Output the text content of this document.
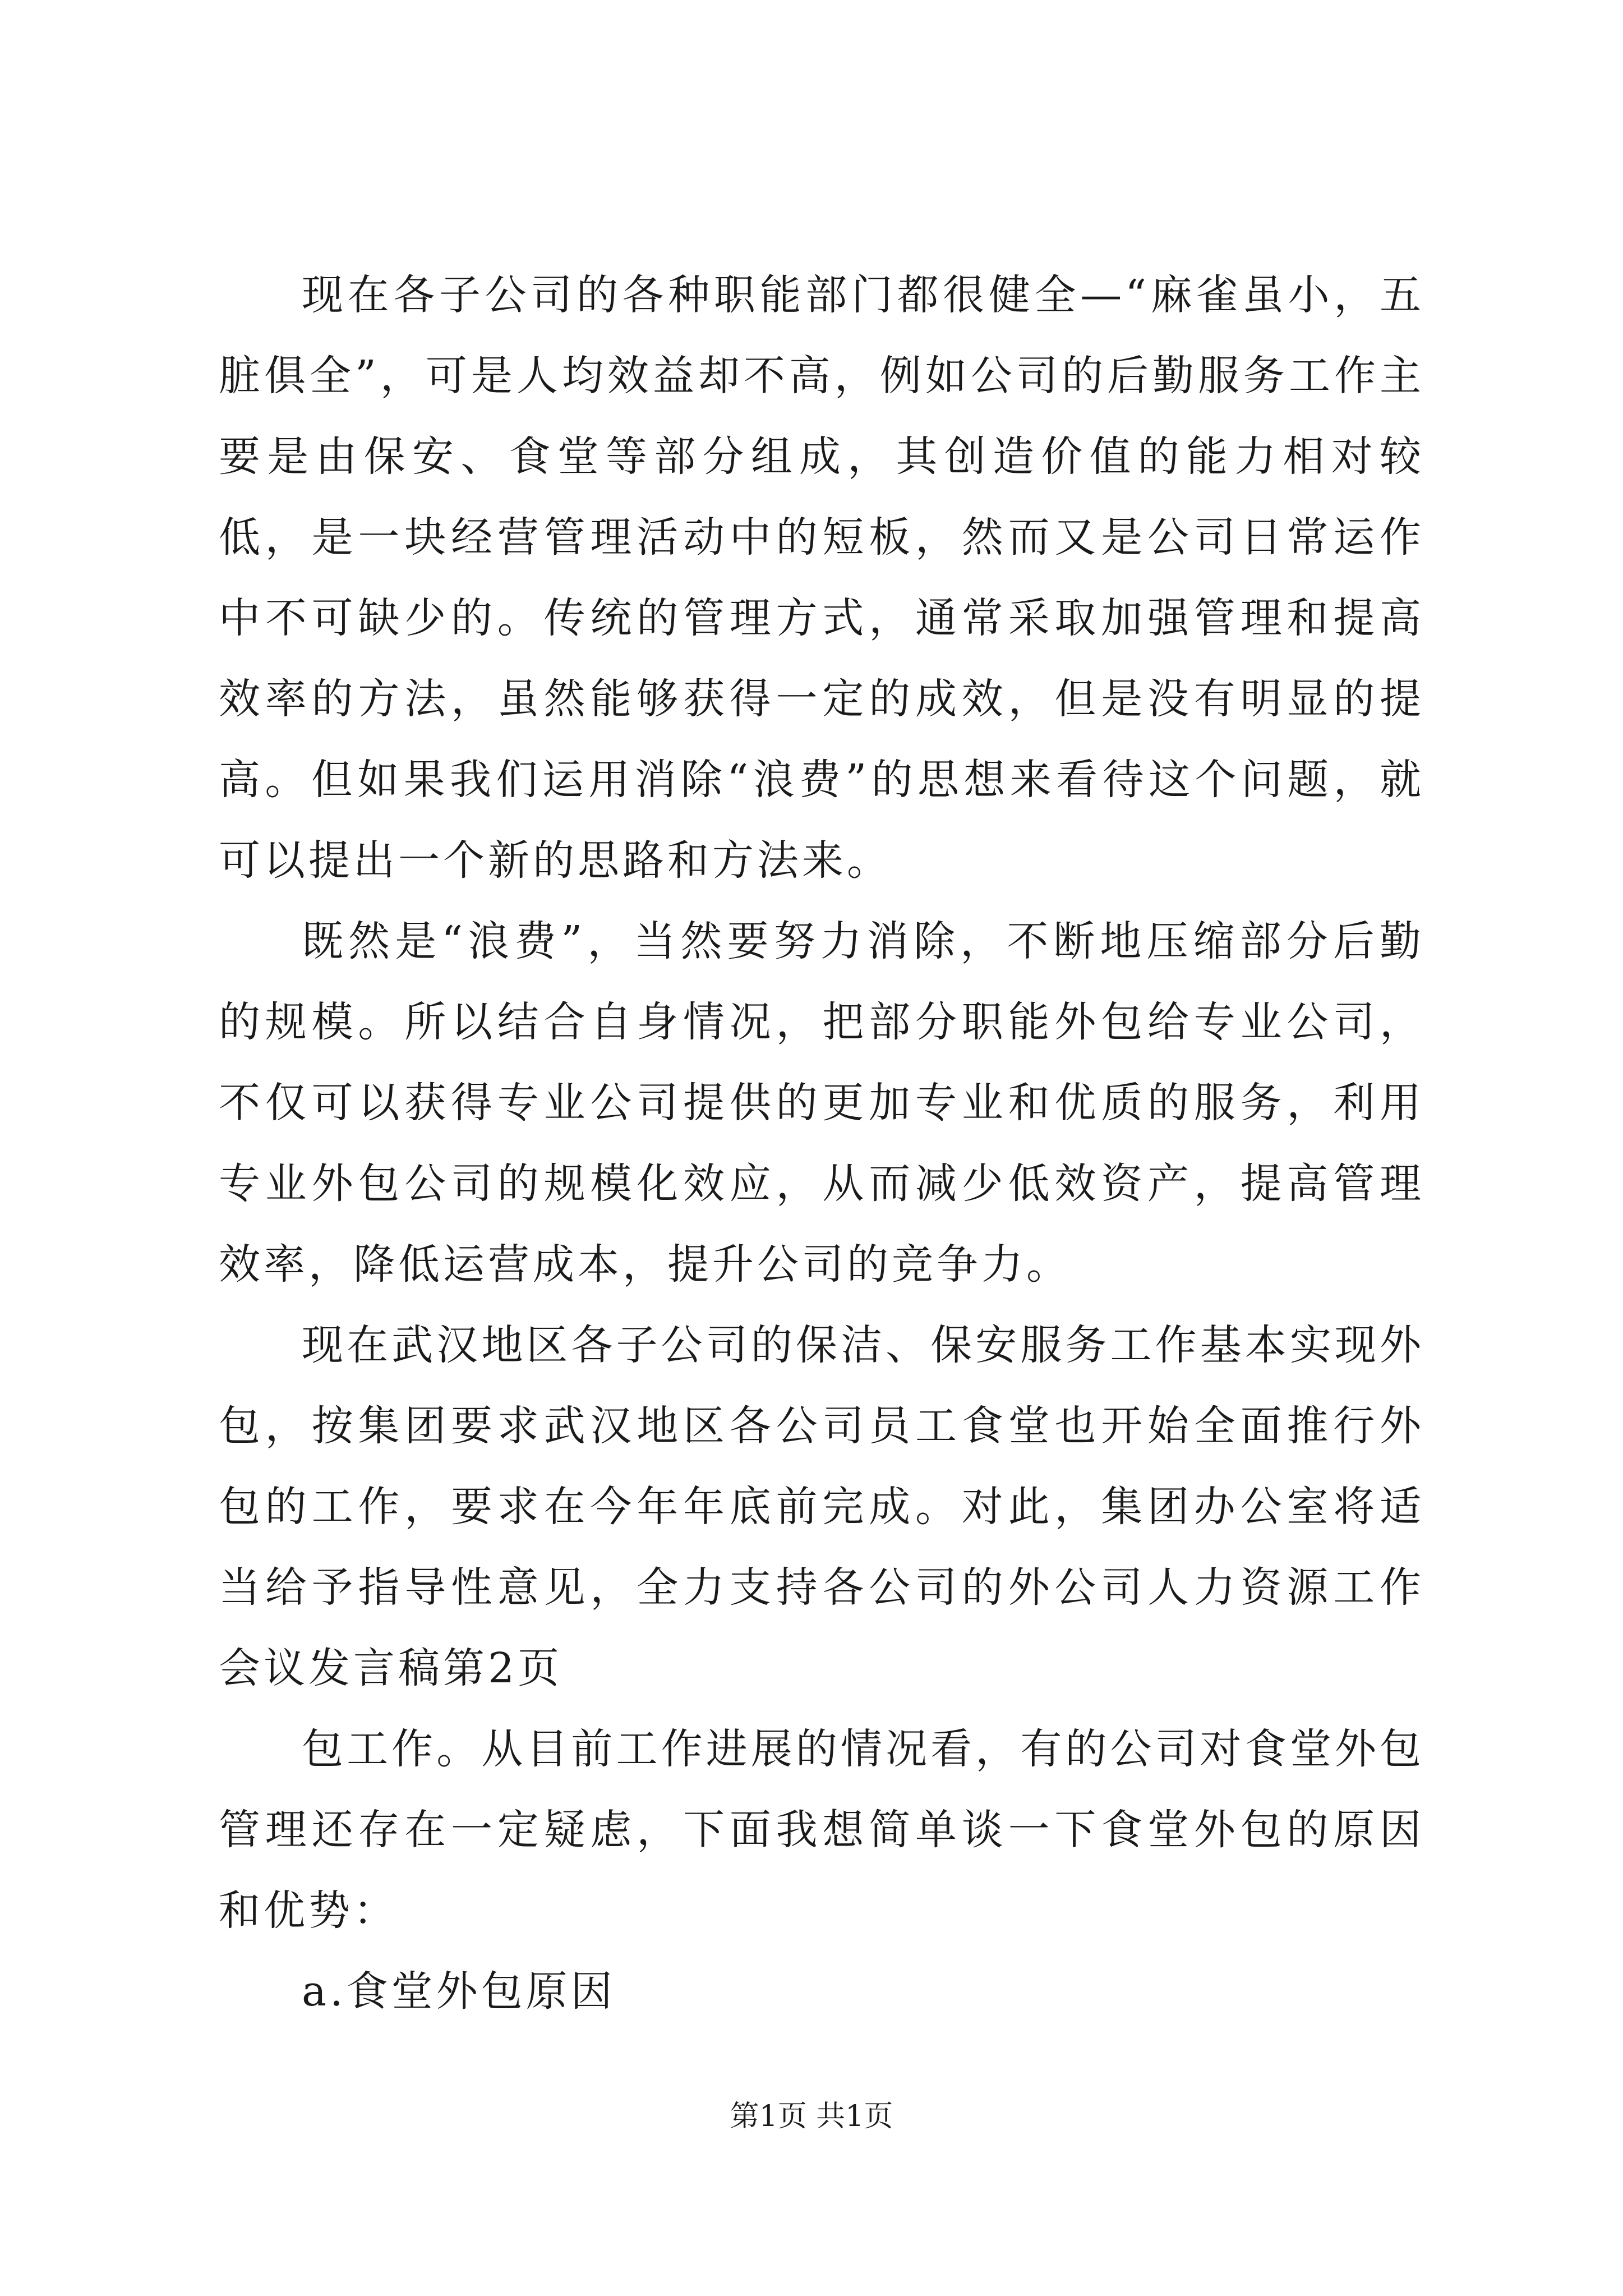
现在各子公司的各种职能部门都很健全—“麻雀虽小，五脏俱全”，可是人均效益却不高，例如公司的后勤服务工作主要是由保安、食堂等部分组成，其创造价值的能力相对较低，是一块经营管理活动中的短板，然而又是公司日常运作中不可缺少的。传统的管理方式，通常采取加强管理和提高效率的方法，虽然能够获得一定的成效，但是没有明显的提高。但如果我们运用消除“浪费”的思想来看待这个问题，就可以提出一个新的思路和方法来。

既然是“浪费”，当然要努力消除，不断地压缩部分后勤的规模。所以结合自身情况，把部分职能外包给专业公司，不仅可以获得专业公司提供的更加专业和优质的服务，利用专业外包公司的规模化效应，从而减少低效资产，提高管理效率，降低运营成本，提升公司的竞争力。

现在武汉地区各子公司的保洁、保安服务工作基本实现外包，按集团要求武汉地区各公司员工食堂也开始全面推行外包的工作，要求在今年年底前完成。对此，集团办公室将适当给予指导性意见，全力支持各公司的外公司人力资源工作会议发言稿第2页

包工作。从目前工作进展的情况看，有的公司对食堂外包管理还存在一定疑虑，下面我想简单谈一下食堂外包的原因和优势：

a.食堂外包原因

第1页 共1页
